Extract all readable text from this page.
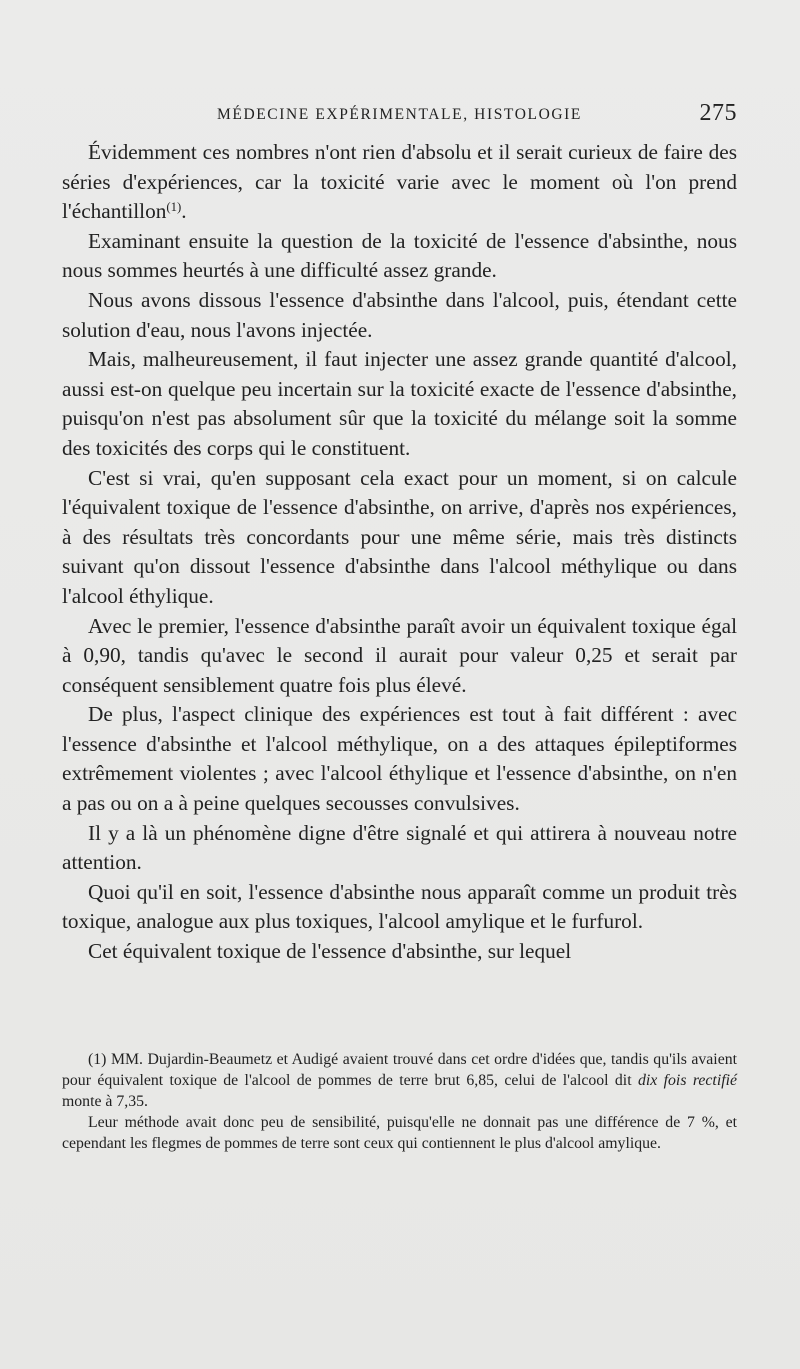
MÉDECINE EXPÉRIMENTALE, HISTOLOGIE	275

Évidemment ces nombres n'ont rien d'absolu et il serait curieux de faire des séries d'expériences, car la toxicité varie avec le moment où l'on prend l'échantillon$^{(1)}$.

Examinant ensuite la question de la toxicité de l'essence d'absinthe, nous nous sommes heurtés à une difficulté assez grande.

Nous avons dissous l'essence d'absinthe dans l'alcool, puis, étendant cette solution d'eau, nous l'avons injectée.

Mais, malheureusement, il faut injecter une assez grande quantité d'alcool, aussi est-on quelque peu incertain sur la toxicité exacte de l'essence d'absinthe, puisqu'on n'est pas absolument sûr que la toxicité du mélange soit la somme des toxicités des corps qui le constituent.

C'est si vrai, qu'en supposant cela exact pour un moment, si on calcule l'équivalent toxique de l'essence d'absinthe, on arrive, d'après nos expériences, à des résultats très concordants pour une même série, mais très distincts suivant qu'on dissout l'essence d'absinthe dans l'alcool méthylique ou dans l'alcool éthylique.

Avec le premier, l'essence d'absinthe paraît avoir un équivalent toxique égal à 0,90, tandis qu'avec le second il aurait pour valeur 0,25 et serait par conséquent sensiblement quatre fois plus élevé.

De plus, l'aspect clinique des expériences est tout à fait différent : avec l'essence d'absinthe et l'alcool méthylique, on a des attaques épileptiformes extrêmement violentes ; avec l'alcool éthylique et l'essence d'absinthe, on n'en a pas ou on a à peine quelques secousses convulsives.

Il y a là un phénomène digne d'être signalé et qui attirera à nouveau notre attention.

Quoi qu'il en soit, l'essence d'absinthe nous apparaît comme un produit très toxique, analogue aux plus toxiques, l'alcool amylique et le furfurol.

Cet équivalent toxique de l'essence d'absinthe, sur lequel

(1) MM. Dujardin-Beaumetz et Audigé avaient trouvé dans cet ordre d'idées que, tandis qu'ils avaient pour équivalent toxique de l'alcool de pommes de terre brut 6,85, celui de l'alcool dit dix fois rectifié monte à 7,35.

Leur méthode avait donc peu de sensibilité, puisqu'elle ne donnait pas une différence de 7 %, et cependant les flegmes de pommes de terre sont ceux qui contiennent le plus d'alcool amylique.
